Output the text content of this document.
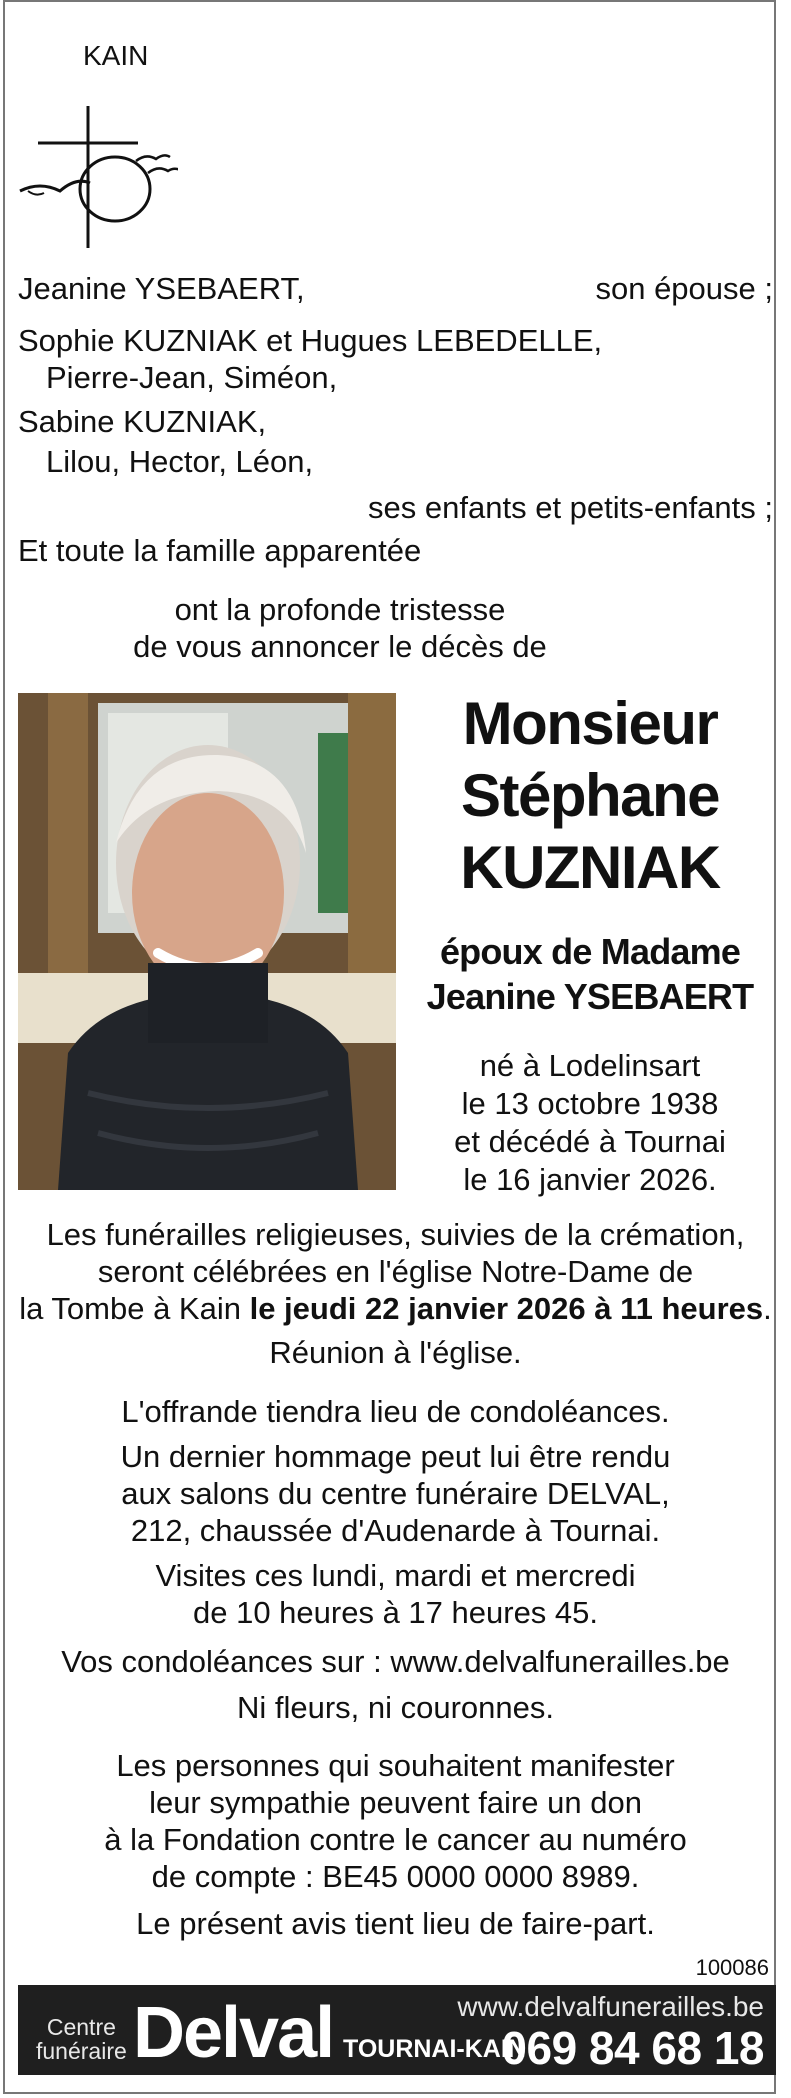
KAIN
Jeanine YSEBAERT,	son épouse ;
Sophie KUZNIAK et Hugues LEBEDELLE,
Pierre-Jean, Siméon,
Sabine KUZNIAK,
Lilou, Hector, Léon,
ses enfants et petits-enfants ;
Et toute la famille apparentée
ont la profonde tristesse
de vous annoncer le décès de
Monsieur
Stéphane
KUZNIAK
époux de Madame
Jeanine YSEBAERT
né à Lodelinsart
le 13 octobre 1938
et décédé à Tournai
le 16 janvier 2026.
Les funérailles religieuses, suivies de la crémation,
seront célébrées en l'église Notre-Dame de
la Tombe à Kain le jeudi 22 janvier 2026 à 11 heures.
Réunion à l'église.
L'offrande tiendra lieu de condoléances.
Un dernier hommage peut lui être rendu
aux salons du centre funéraire DELVAL,
212, chaussée d'Audenarde à Tournai.
Visites ces lundi, mardi et mercredi
de 10 heures à 17 heures 45.
Vos condoléances sur : www.delvalfunerailles.be
Ni fleurs, ni couronnes.
Les personnes qui souhaitent manifester
leur sympathie peuvent faire un don
à la Fondation contre le cancer au numéro
de compte : BE45 0000 0000 8989.
Le présent avis tient lieu de faire-part.
100086
Centre
funéraire Delval	www.delvalfunerailles.be
TOURNAI-KAIN
069 84 68 18
